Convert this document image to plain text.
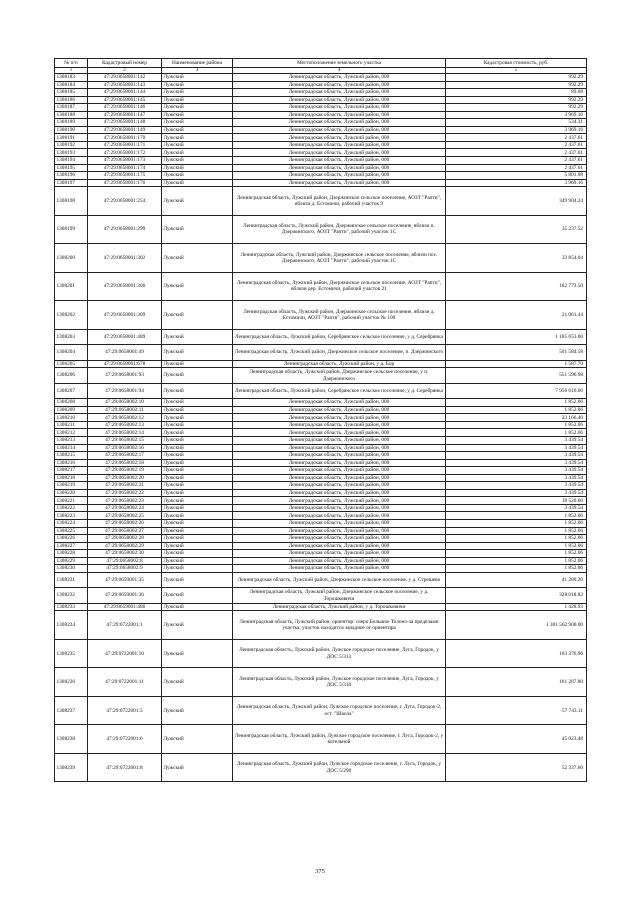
№ п/п	Кадастровый номер	Наименование района	Местоположение земельного участка	Кадастровая стоимость, руб.
1	2	3	4	5
1308183	47:29:0658001:142	Лужский	Ленинградская область, Лужский район, 000	992.29
1308184	47:29:0658001:143	Лужский	Ленинградская область, Лужский район, 000	992.29
1308185	47:29:0658001:144	Лужский	Ленинградская область, Лужский район, 000	89.08
1308186	47:29:0658001:145	Лужский	Ленинградская область, Лужский район, 000	992.29
1308187	47:29:0658001:146	Лужский	Ленинградская область, Лужский район, 000	992.29
1308188	47:29:0658001:147	Лужский	Ленинградская область, Лужский район, 000	3 969.16
1308189	47:29:0658001:148	Лужский	Ленинградская область, Лужский район, 000	534.31
1308190	47:29:0658001:149	Лужский	Ленинградская область, Лужский район, 000	3 969.16
1308191	47:29:0658001:170	Лужский	Ленинградская область, Лужский район, 000	2 437.61
1308192	47:29:0658001:171	Лужский	Ленинградская область, Лужский район, 000	2 437.61
1308193	47:29:0658001:172	Лужский	Ленинградская область, Лужский район, 000	2 437.61
1308194	47:29:0658001:173	Лужский	Ленинградская область, Лужский район, 000	2 437.61
1308195	47:29:0658001:174	Лужский	Ленинградская область, Лужский район, 000	2 437.61
1308196	47:29:0658001:175	Лужский	Ленинградская область, Лужский район, 000	5 801.08
1308197	47:29:0658001:176	Лужский	Ленинградская область, Лужский район, 000	3 969.16
1308198	47:29:0658001:254	Лужский	Ленинградская область, Лужский район, Дзержинское сельское поселение, АОЗТ "Рапти", вблизи д. Естомичи, рабочий участок 9	349 904.24
1308199	47:29:0658001:299	Лужский	Ленинградская область, Лужский район, Дзержинское сельское поселение, вблизи п. Дзержинского, АОЗТ "Рапти", рабочий участок 1С	35 237.52
1308200	47:29:0658001:302	Лужский	Ленинградская область, Лужский район, Дзержинское сельское поселение, вблизи пос. Дзержинского, АОЗТ "Рапти", рабочий участок 1С	33 854.04
1308201	47:29:0658001:306	Лужский	Ленинградская область, Лужский район, Дзержинское сельское поселение, АОЗТ "Рапти", вблизи дер. Естомичи, рабочий участок 21	182 773.50
1308202	47:29:0658001:309	Лужский	Ленинградская область, Лужский район, Дзержинское сельское поселение, вблизи д. Естомичи, АОЗТ "Рапти", рабочий участок № 100	21 061.44
1308203	47:29:0658001:489	Лужский	Ленинградская область, Лужский район, Серебрянское сельское поселение, у д. Серебрянка	1 185 653.00
1308204	47:29:0658001:49	Лужский	Ленинградская область, Лужский район, Дзержинское сельское поселение, п. Дзержинского	501 584.58
1308205	47:29:0658001:678	Лужский	Ленинградская область, Лужский район, у д. Бор	1 587.70
1308206	47:29:0658001:93	Лужский	Ленинградская область, Лужский район, Дзержинское сельское поселение, у п. Дзержинского	551 596.98
1308207	47:29:0658001:94	Лужский	Ленинградская область, Лужский район, Серебрянское сельское поселение, у д. Серебрянка	7 956 616.00
1308208	47:29:0658002:10	Лужский	Ленинградская область, Лужский район, 000	1 852.06
1308209	47:29:0658002:11	Лужский	Ленинградская область, Лужский район, 000	1 852.06
1308210	47:29:0658002:12	Лужский	Ленинградская область, Лужский район, 000	23 166.40
1308211	47:29:0658002:13	Лужский	Ленинградская область, Лужский район, 000	1 852.06
1308212	47:29:0658002:14	Лужский	Ленинградская область, Лужский район, 000	1 852.06
1308213	47:29:0658002:15	Лужский	Ленинградская область, Лужский район, 000	3 439.54
1308214	47:29:0658002:16	Лужский	Ленинградская область, Лужский район, 000	3 439.54
1308215	47:29:0658002:17	Лужский	Ленинградская область, Лужский район, 000	3 439.54
1308216	47:29:0658002:18	Лужский	Ленинградская область, Лужский район, 000	3 439.54
1308217	47:29:0658002:19	Лужский	Ленинградская область, Лужский район, 000	3 439.54
1308218	47:29:0658002:20	Лужский	Ленинградская область, Лужский район, 000	3 439.54
1308219	47:29:0658002:21	Лужский	Ленинградская область, Лужский район, 000	3 439.54
1308220	47:29:0658002:22	Лужский	Ленинградская область, Лужский район, 000	3 439.54
1308221	47:29:0658002:23	Лужский	Ленинградская область, Лужский район, 000	18 520.60
1308222	47:29:0658002:24	Лужский	Ленинградская область, Лужский район, 000	3 439.54
1308223	47:29:0658002:25	Лужский	Ленинградская область, Лужский район, 000	1 852.06
1308224	47:29:0658002:26	Лужский	Ленинградская область, Лужский район, 000	1 852.06
1308225	47:29:0658002:27	Лужский	Ленинградская область, Лужский район, 000	1 852.06
1308226	47:29:0658002:28	Лужский	Ленинградская область, Лужский район, 000	1 852.06
1308227	47:29:0658002:29	Лужский	Ленинградская область, Лужский район, 000	1 852.06
1308228	47:29:0658002:30	Лужский	Ленинградская область, Лужский район, 000	1 852.06
1308229	47:29:0658002:8	Лужский	Ленинградская область, Лужский район, 000	1 852.06
1308230	47:29:0658002:9	Лужский	Ленинградская область, Лужский район, 000	1 852.06
1308231	47:29:0659001:35	Лужский	Ленинградская область, Лужский район, Дзержинское сельское поселение, у д. Стрешево	41 280.20
1308232	47:29:0659001:36	Лужский	Ленинградская область, Лужский район, Дзержинское сельское поселение, у д. Торошковичи	328 018.82
1308233	47:29:0659001:486	Лужский	Ленинградская область, Лужский район, у д. Торошковичи	1 428.93
1308234	47:29:0722001:1	Лужский	Ленинградская область, Лужский район, ориентир: озеро Большое Толоно-за пределами участка, участок находится западнее от ориентира	1 381 562 900.00
1308235	47:29:0722001:10	Лужский	Ленинградская область, Лужский район, Лужское городское поселение, Луга, Городок, у ДОС 5/313	163 376.96
1308236	47:29:0722001:11	Лужский	Ленинградская область, Лужский район, Лужское городское поселение, Луга, Городок, у ДОС 5/310	161 287.80
1308237	47:29:0722001:5	Лужский	Ленинградская область, Лужский район, Лужское городское поселение, г. Луга, Городок-2, ост. "Школа"	57 743.11
1308238	47:29:0722001:6	Лужский	Ленинградская область, Лужский район, Лужское городское поселение, г. Луга, Городок-2, у котельной	45 023.48
1308239	47:29:0722001:8	Лужский	Ленинградская область, Лужский район, Лужское городское поселение, г. Луга, Городок, у ДОС 5/298	52 337.60
375
